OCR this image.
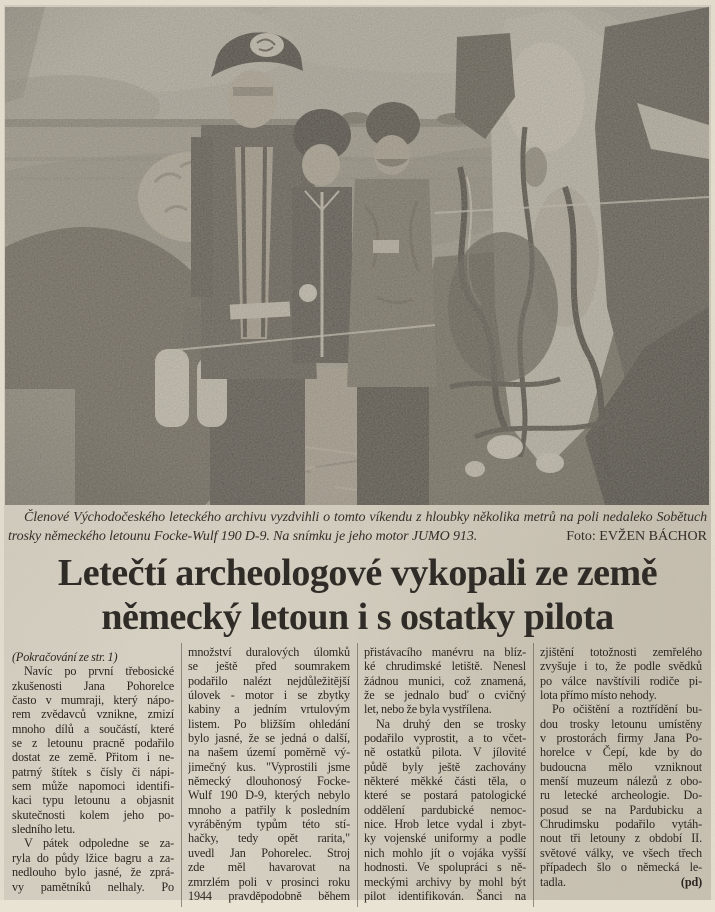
Členové Východočeského leteckého archivu vyzdvihli o tomto víkendu z hloubky několika metrů na poli nedaleko Sobětuch
trosky německého letounu Focke-Wulf 190 D-9. Na snímku je jeho motor JUMO 913.	Foto: EVŽEN BÁCHOR
Letečtí archeologové vykopali ze země
německý letoun i s ostatky pilota
(Pokračování ze str. 1)
Navíc po první třebosické
zkušenosti Jana Pohorelce
často v mumraji, který nápo-
rem zvědavců vznikne, zmizí
mnoho dílů a součástí, které
se z letounu pracně podařilo
dostat ze země. Přitom i ne-
patrný štítek s čísly či nápi-
sem může napomoci identifi-
kaci typu letounu a objasnit
skutečnosti kolem jeho po-
sledního letu.
V pátek odpoledne se za-
ryla do půdy lžice bagru a za-
nedlouho bylo jasné, že zprá-
vy pamětníků nelhaly. Po
množství duralových úlomků
se ještě před soumrakem
podařilo nalézt nejdůležitější
úlovek - motor i se zbytky
kabiny a jedním vrtulovým
listem. Po bližším ohledání
bylo jasné, že se jedná o další,
na našem území poměrně vý-
jimečný kus. "Vyprostili jsme
německý dlouhonosý Focke-
Wulf 190 D-9, kterých nebylo
mnoho a patřily k posledním
vyráběným typům této stí-
hačky, tedy opět rarita,"
uvedl Jan Pohorelec. Stroj
zde měl havarovat na
zmrzlém poli v prosinci roku
1944 pravděpodobně během
přistávacího manévru na blíz-
ké chrudimské letiště. Nenesl
žádnou munici, což znamená,
že se jednalo buď o cvičný
let, nebo že byla vystřílena.
Na druhý den se trosky
podařilo vyprostit, a to včet-
ně ostatků pilota. V jílovité
půdě byly ještě zachovány
některé měkké části těla, o
které se postará patologické
oddělení pardubické nemoc-
nice. Hrob letce vydal i zbyt-
ky vojenské uniformy a podle
nich mohlo jít o vojáka vyšší
hodnosti. Ve spolupráci s ně-
meckými archivy by mohl být
pilot identifikován. Šanci na
zjištění totožnosti zemřelého
zvyšuje i to, že podle svědků
po válce navštívili rodiče pi-
lota přímo místo nehody.
Po očištění a roztřídění bu-
dou trosky letounu umístěny
v prostorách firmy Jana Po-
horelce v Čepí, kde by do
budoucna mělo vzniknout
menší muzeum nálezů z obo-
ru letecké archeologie. Do-
posud se na Pardubicku a
Chrudimsku podařilo vytáh-
nout tři letouny z období II.
světové války, ve všech třech
případech šlo o německá le-
tadla.	(pd)
